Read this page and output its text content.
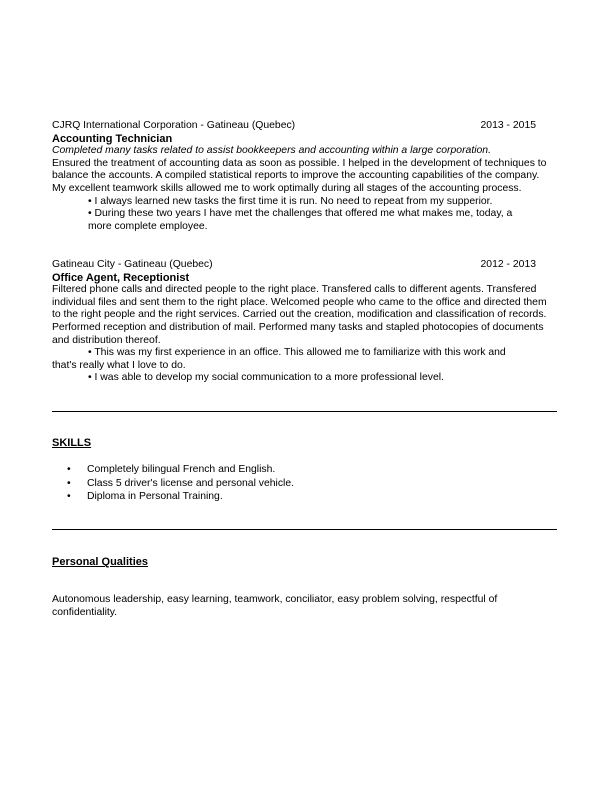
CJRQ International Corporation - Gatineau (Quebec)	2013 - 2015
Accounting Technician
Completed many tasks related to assist bookkeepers and accounting within a large corporation.
Ensured the treatment of accounting data as soon as possible. I helped in the development of techniques to balance the accounts. A compiled statistical reports to improve the accounting capabilities of the company. My excellent teamwork skills allowed me to work optimally during all stages of the accounting process.
• I always learned new tasks the first time it is run. No need to repeat from my supperior.
• During these two years I have met the challenges that offered me what makes me, today, a
more complete employee.
Gatineau City - Gatineau (Quebec)	2012 - 2013
Office Agent, Receptionist
Filtered phone calls and directed people to the right place. Transfered calls to different agents. Transfered individual files and sent them to the right place. Welcomed people who came to the office and directed them to the right people and the right services. Carried out the creation, modification and classification of records. Performed reception and distribution of mail. Performed many tasks and stapled photocopies of documents and distribution thereof.
• This was my first experience in an office. This allowed me to familiarize with this work and
that's really what I love to do.
• I was able to develop my social communication to a more professional level.
SKILLS
• Completely bilingual French and English.
• Class 5 driver's license and personal vehicle.
• Diploma in Personal Training.
Personal Qualities
Autonomous leadership, easy learning, teamwork, conciliator, easy problem solving, respectful of confidentiality.
